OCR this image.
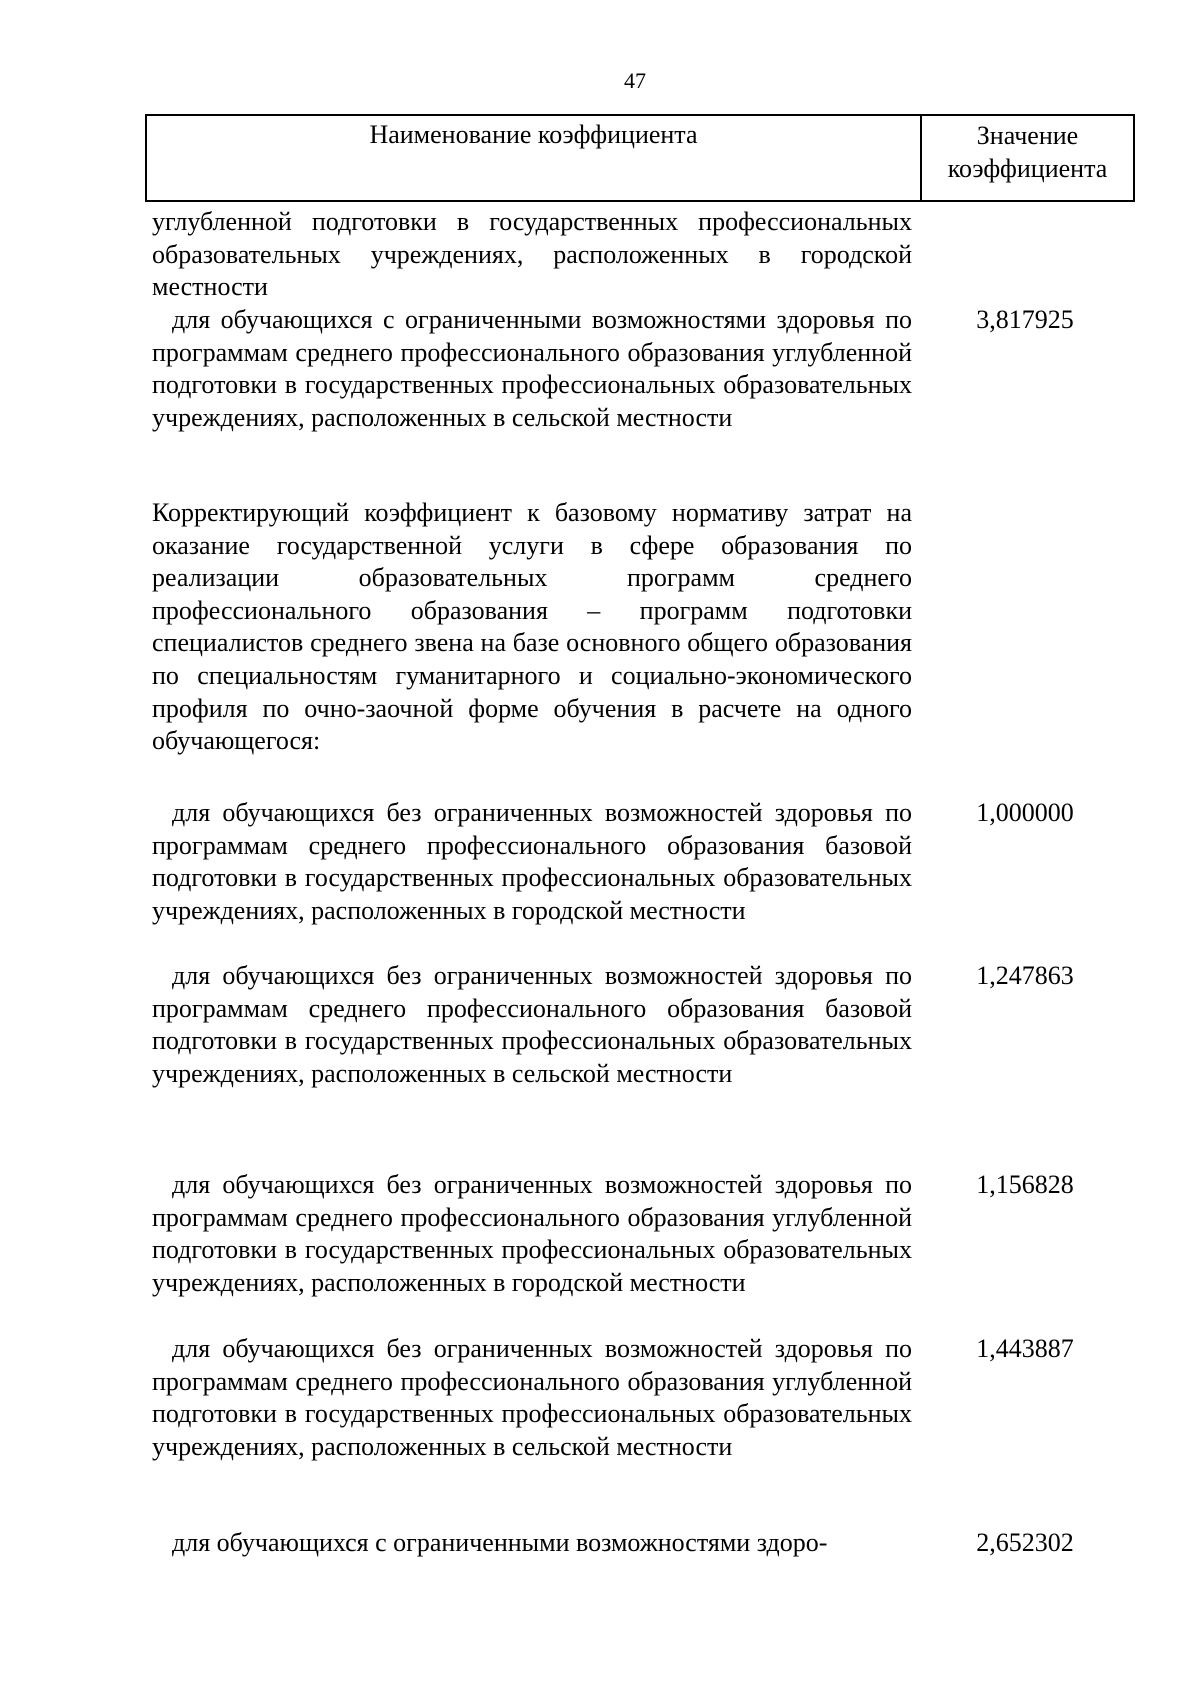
47
Наименование коэффициента	Значение
коэффициента
углубленной подготовки в государственных профессиональных образовательных учреждениях, расположенных в городской местности
для обучающихся с ограниченными возможностями здоровья по программам среднего профессионального образования углубленной подготовки в государственных профессиональных образовательных учреждениях, расположенных в сельской местности
3,817925
Корректирующий коэффициент к базовому нормативу затрат на оказание государственной услуги в сфере образования по реализации образовательных программ среднего профессионального образования – программ подготовки специалистов среднего звена на базе основного общего образования по специальностям гуманитарного и социально-экономического профиля по очно-заочной форме обучения в расчете на одного обучающегося:
для обучающихся без ограниченных возможностей здоровья по программам среднего профессионального образования базовой подготовки в государственных профессиональных образовательных учреждениях, расположенных в городской местности
1,000000
для обучающихся без ограниченных возможностей здоровья по программам среднего профессионального образования базовой подготовки в государственных профессиональных образовательных учреждениях, расположенных в сельской местности
1,247863
для обучающихся без ограниченных возможностей здоровья по программам среднего профессионального образования углубленной подготовки в государственных профессиональных образовательных учреждениях, расположенных в городской местности
1,156828
для обучающихся без ограниченных возможностей здоровья по программам среднего профессионального образования углубленной подготовки в государственных профессиональных образовательных учреждениях, расположенных в сельской местности
1,443887
для обучающихся с ограниченными возможностями здоро-	2,652302
